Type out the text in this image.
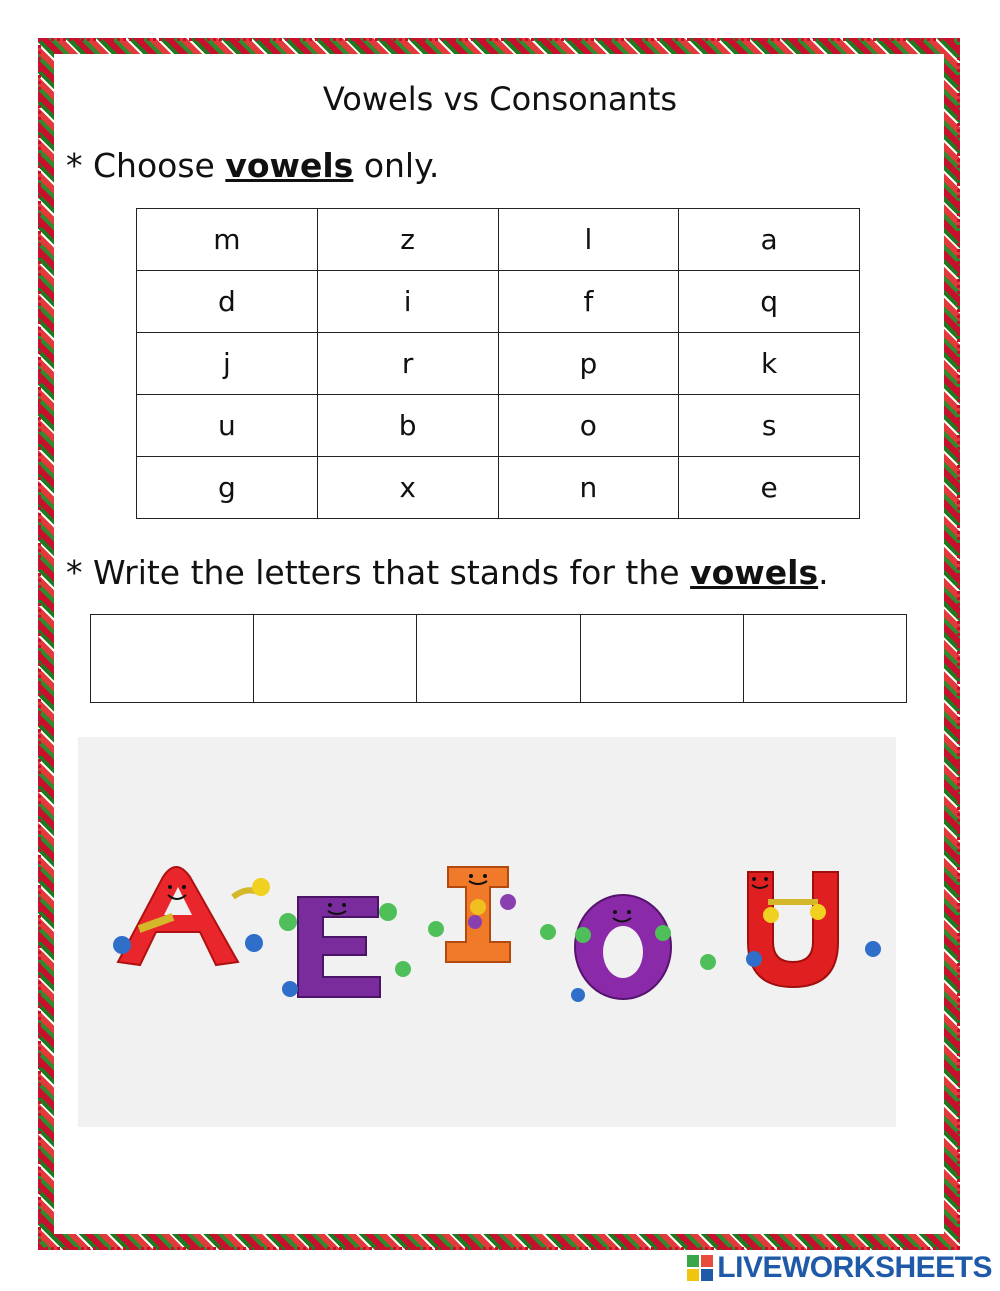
Vowels vs Consonants
* Choose vowels only.
m	z	l	a
d	i	f	q
j	r	p	k
u	b	o	s
g	x	n	e
* Write the letters that stands for the vowels.

LIVEWORKSHEETS
